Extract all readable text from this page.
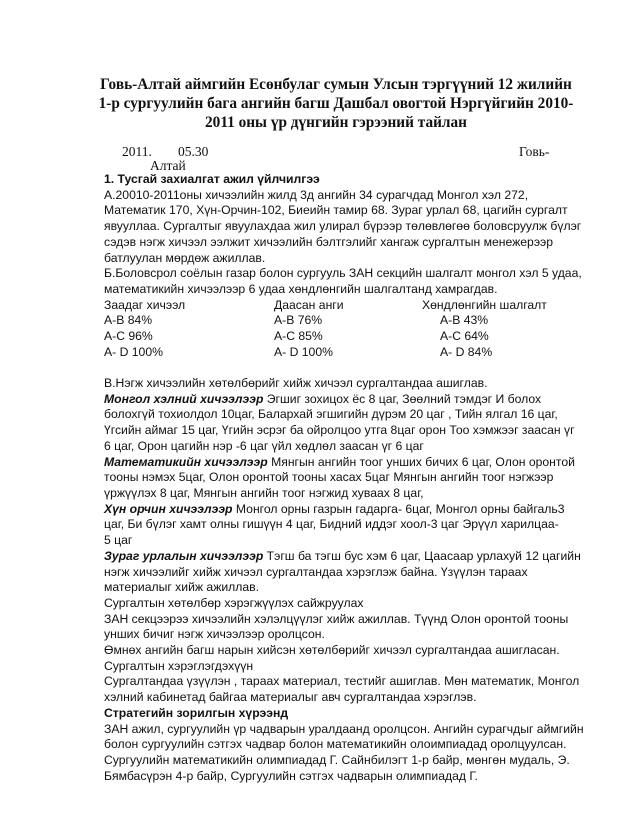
Говь-Алтай аймгийн Есөнбулаг сумын Улсын тэргүүний 12 жилийн 1-р сургуулийн бага ангийн багш Дашбал овогтой Нэргүйгийн 2010-2011 оны үр дүнгийн гэрээний тайлан
2011. 05.30	Говь-
Алтай

1. Тусгай захиалгат ажил үйлчилгээ

А.20010-2011оны хичээлийн жилд 3д ангийн 34 сурагчдад Монгол хэл 272, Математик 170, Хүн-Орчин-102, Биеийн тамир 68. Зураг урлал 68, цагийн сургалт явууллаа. Сургалтыг явуулахдаа жил улирал бүрээр төлөвлөгөө боловсруулж бүлэг сэдэв нэгж хичээл ээлжит хичээлийн бэлтгэлийг хангаж сургалтын менежерээр батлуулан мөрдөж ажиллав.

Б.Боловсрол соёлын газар болон сургууль ЗАН секцийн шалгалт монгол хэл 5 удаа, математикийн хичээлээр 6 удаа хөндлөнгийн шалгалтанд хамрагдав.

Заадаг хичээл	Даасан анги	Хөндлөнгийн шалгалт
А-В 84%	А-В 76%	А-В 43%
А-С 96%	А-С 85%	А-С 64%
А- D 100%	А- D 100%	А- D 84%

В.Нэгж хичээлийн хөтөлбөрийг хийж хичээл сургалтандаа ашиглав.

Монгол хэлний хичээлээр Эгшиг зохицох ёс 8 цаг, Зөөлний тэмдэг И болох болохгүй тохиолдол 10цаг, Балархай эгшигийн дүрэм 20 цаг , Тийн ялгал 16 цаг, Үгсийн аймаг 15 цаг, Үгийн эсрэг ба ойролцоо утга 8цаг орон Тоо хэмжээг заасан үг 6 цаг, Орон цагийн нэр -6 цаг үйл хөдлөл заасан үг 6 цаг

Математикийн хичээлээр Мянгын ангийн тоог унших бичих 6 цаг, Олон оронтой тооны нэмэх 5цаг, Олон оронтой тооны хасах 5цаг Мянгын ангийн тоог нэгжээр үржүүлэх 8 цаг, Мянгын ангийн тоог нэгжид хуваах 8 цаг,

Хүн орчин хичээлээр Монгол орны газрын гадарга- 6цаг, Монгол орны байгаль3 цаг, Би бүлэг хамт олны гишүүн 4 цаг, Бидний иддэг хоол-3 цаг Эрүүл харилцаа-

5 цаг

Зураг урлалын хичээлээр Тэгш ба тэгш бус хэм 6 цаг, Цаасаар урлахуй 12 цагийн нэгж хичээлийг хийж хичээл сургалтандаа хэрэглэж байна. Үзүүлэн тараах материалыг хийж ажиллав.

Сургалтын хөтөлбөр хэрэгжүүлэх сайжруулах

ЗАН секцээрээ хичээлийн хэлэлцүүлэг хийж ажиллав. Түүнд Олон оронтой тооны унших бичиг нэгж хичээлээр оролцсон.

Өмнөх ангийн багш нарын хийсэн хөтөлбөрийг хичээл сургалтандаа ашигласан.

Сургалтын хэрэглэгдэхүүн

Сургалтандаа үзүүлэн , тараах материал, тестийг ашиглав. Мөн математик, Монгол хэлний кабинетад байгаа материалыг авч сургалтандаа хэрэглэв.

Стратегийн зорилгын хүрээнд

ЗАН ажил, сургуулийн үр чадварын уралдаанд оролцсон. Ангийн сурагчдыг аймгийн болон сургуулийн сэтгэх чадвар болон математикийн олоимпиадад оролцуулсан.

Сургуулийн математикийн олимпиадад Г. Сайнбилэгт 1-р байр, мөнгөн мудаль, Э. Бямбасүрэн 4-р байр, Сургуулийн сэтгэх чадварын олимпиадад Г.
